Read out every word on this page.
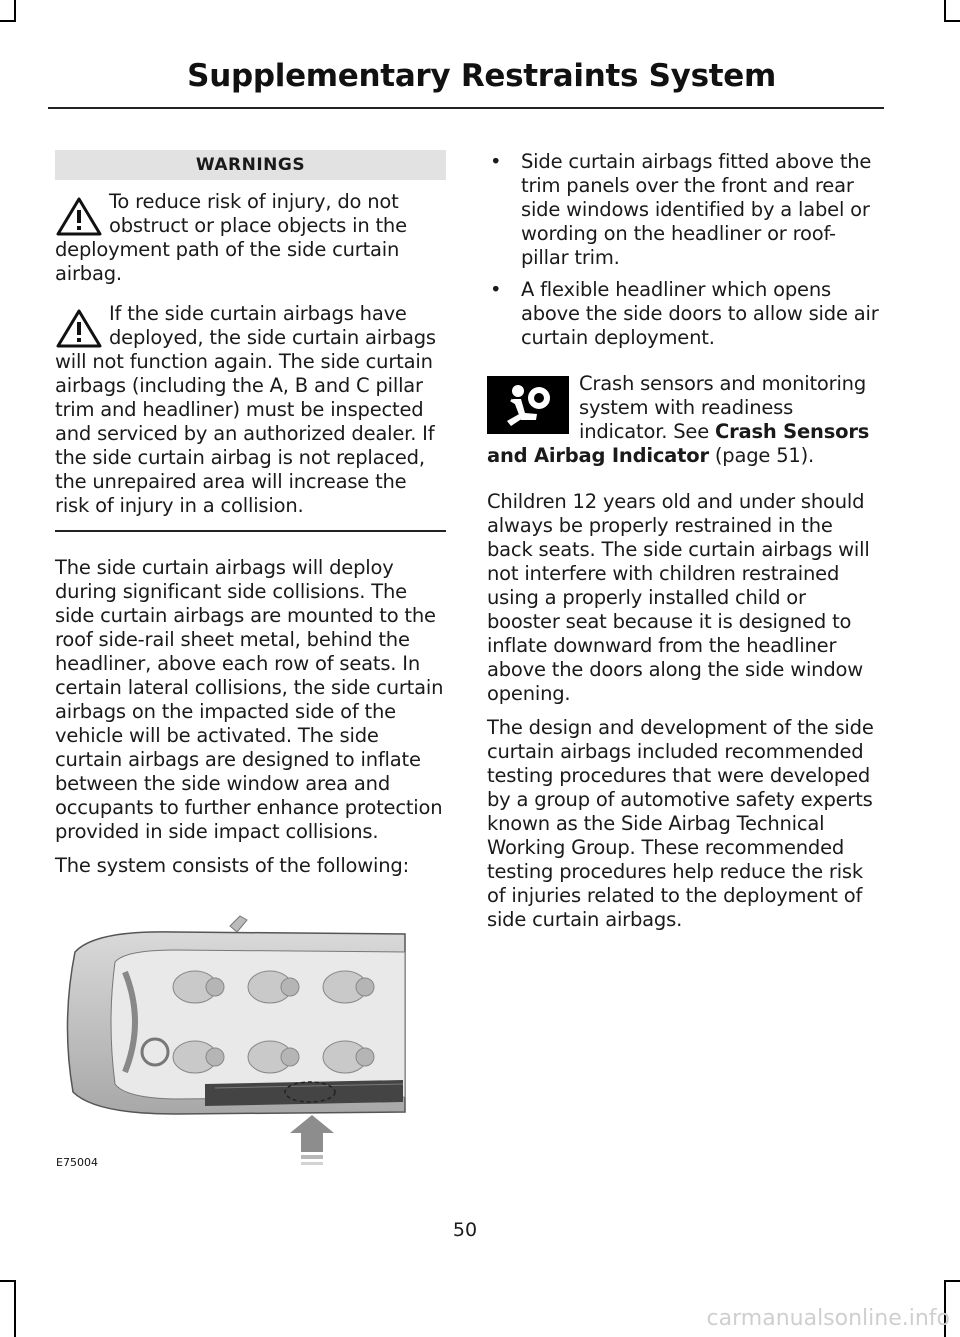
Supplementary Restraints System
WARNINGS

To reduce risk of injury, do not obstruct or place objects in the deployment path of the side curtain airbag.

If the side curtain airbags have deployed, the side curtain airbags will not function again. The side curtain airbags (including the A, B and C pillar trim and headliner) must be inspected and serviced by an authorized dealer. If the side curtain airbag is not replaced, the unrepaired area will increase the risk of injury in a collision.

The side curtain airbags will deploy during significant side collisions. The side curtain airbags are mounted to the roof side-rail sheet metal, behind the headliner, above each row of seats. In certain lateral collisions, the side curtain airbags on the impacted side of the vehicle will be activated. The side curtain airbags are designed to inflate between the side window area and occupants to further enhance protection provided in side impact collisions.

The system consists of the following:

E75004
• Side curtain airbags fitted above the trim panels over the front and rear side windows identified by a label or wording on the headliner or roof-pillar trim.

• A flexible headliner which opens above the side doors to allow side air curtain deployment.

Crash sensors and monitoring system with readiness indicator. See Crash Sensors and Airbag Indicator (page 51).

Children 12 years old and under should always be properly restrained in the back seats. The side curtain airbags will not interfere with children restrained using a properly installed child or booster seat because it is designed to inflate downward from the headliner above the doors along the side window opening.

The design and development of the side curtain airbags included recommended testing procedures that were developed by a group of automotive safety experts known as the Side Airbag Technical Working Group. These recommended testing procedures help reduce the risk of injuries related to the deployment of side curtain airbags.

50
carmanualsonline.info
